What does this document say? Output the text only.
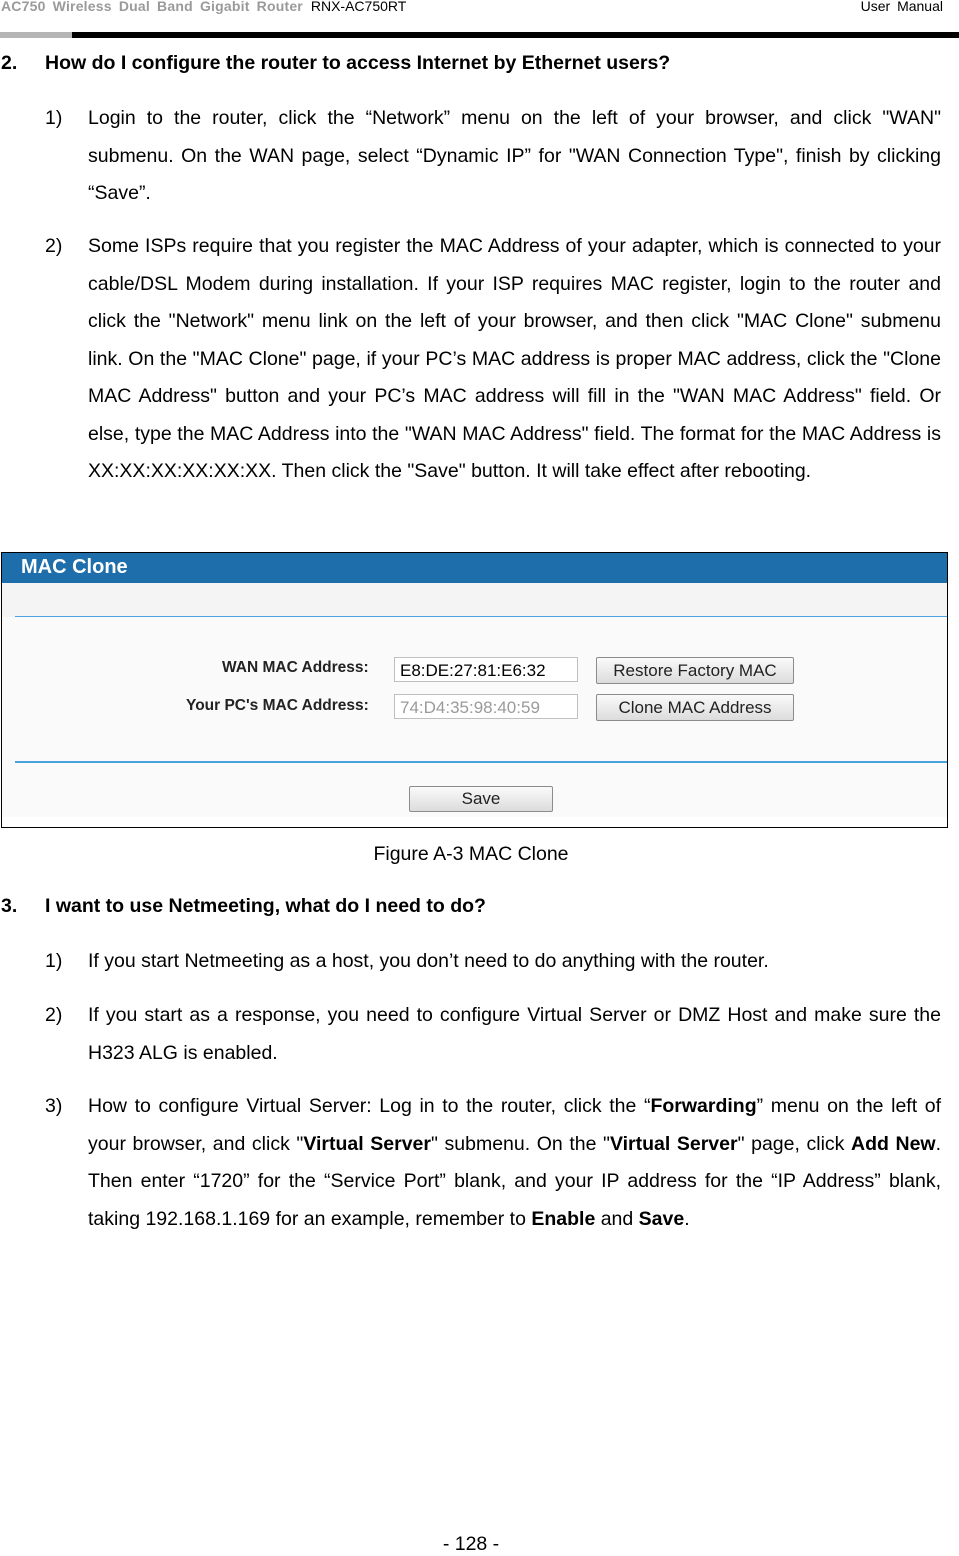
AC750 Wireless Dual Band Gigabit Router RNX-AC750RT	User Manual
2. How do I configure the router to access Internet by Ethernet users?
1) Login to the router, click the “Network” menu on the left of your browser, and click "WAN" submenu. On the WAN page, select “Dynamic IP” for "WAN Connection Type", finish by clicking “Save”.
2) Some ISPs require that you register the MAC Address of your adapter, which is connected to your cable/DSL Modem during installation. If your ISP requires MAC register, login to the router and click the "Network" menu link on the left of your browser, and then click "MAC Clone" submenu link. On the "MAC Clone" page, if your PC’s MAC address is proper MAC address, click the "Clone MAC Address" button and your PC’s MAC address will fill in the "WAN MAC Address" field. Or else, type the MAC Address into the "WAN MAC Address" field. The format for the MAC Address is XX:XX:XX:XX:XX:XX. Then click the "Save" button. It will take effect after rebooting.
MAC Clone
WAN MAC Address:	E8:DE:27:81:E6:32	Restore Factory MAC
Your PC's MAC Address:	74:D4:35:98:40:59	Clone MAC Address
Save
Figure A-3 MAC Clone
3. I want to use Netmeeting, what do I need to do?
1) If you start Netmeeting as a host, you don’t need to do anything with the router.
2) If you start as a response, you need to configure Virtual Server or DMZ Host and make sure the H323 ALG is enabled.
3) How to configure Virtual Server: Log in to the router, click the “Forwarding” menu on the left of your browser, and click "Virtual Server" submenu. On the "Virtual Server" page, click Add New. Then enter “1720” for the “Service Port” blank, and your IP address for the “IP Address” blank, taking 192.168.1.169 for an example, remember to Enable and Save.
- 128 -
